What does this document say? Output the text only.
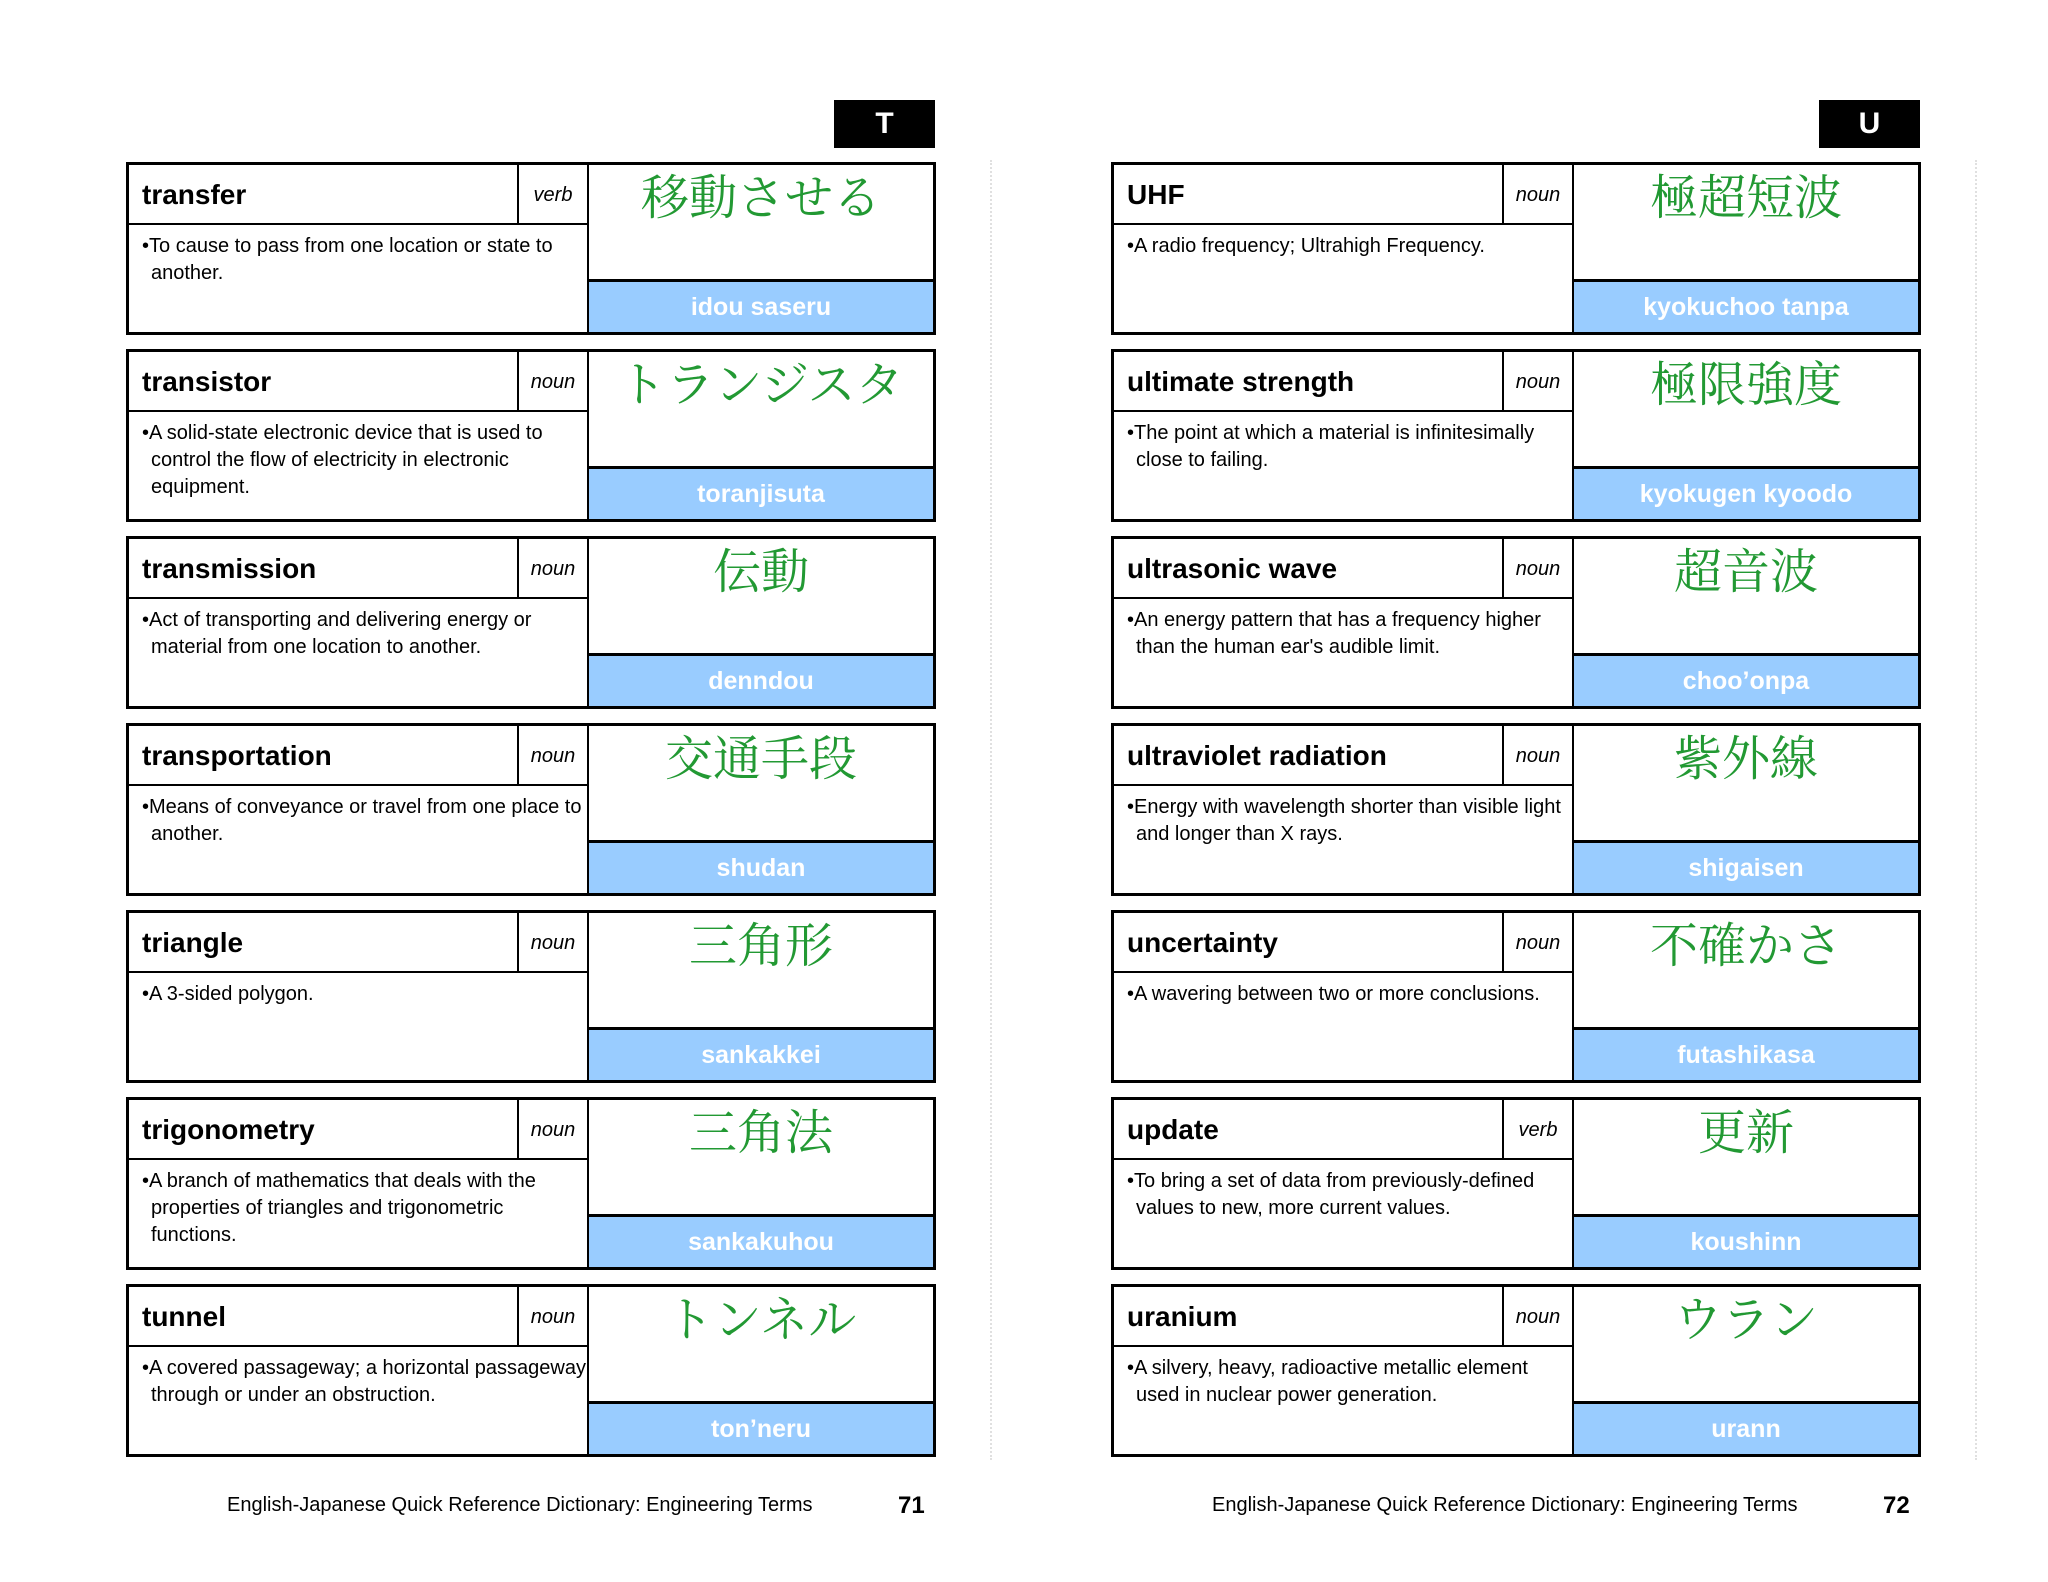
T
transfer	verb
• To cause to pass from one location or state to another.
移動させる
idou saseru
transistor	noun
• A solid-state electronic device that is used to control the flow of electricity in electronic equipment.
トランジスタ
toranjisuta
transmission	noun
• Act of transporting and delivering energy or material from one location to another.
伝動
denndou
transportation	noun
• Means of conveyance or travel from one place to another.
交通手段
shudan
triangle	noun
• A 3-sided polygon.
三角形
sankakkei
trigonometry	noun
• A branch of mathematics that deals with the properties of triangles and trigonometric functions.
三角法
sankakuhou
tunnel	noun
• A covered passageway; a horizontal passageway through or under an obstruction.
トンネル
ton’neru
English-Japanese Quick Reference Dictionary: Engineering Terms	71
U
UHF	noun
• A radio frequency; Ultrahigh Frequency.
極超短波
kyokuchoo tanpa
ultimate strength	noun
• The point at which a material is infinitesimally close to failing.
極限強度
kyokugen kyoodo
ultrasonic wave	noun
• An energy pattern that has a frequency higher than the human ear's audible limit.
超音波
choo’onpa
ultraviolet radiation	noun
• Energy with wavelength shorter than visible light and longer than X rays.
紫外線
shigaisen
uncertainty	noun
• A wavering between two or more conclusions.
不確かさ
futashikasa
update	verb
• To bring a set of data from previously-defined values to new, more current values.
更新
koushinn
uranium	noun
• A silvery, heavy, radioactive metallic element used in nuclear power generation.
ウラン
urann
English-Japanese Quick Reference Dictionary: Engineering Terms	72
